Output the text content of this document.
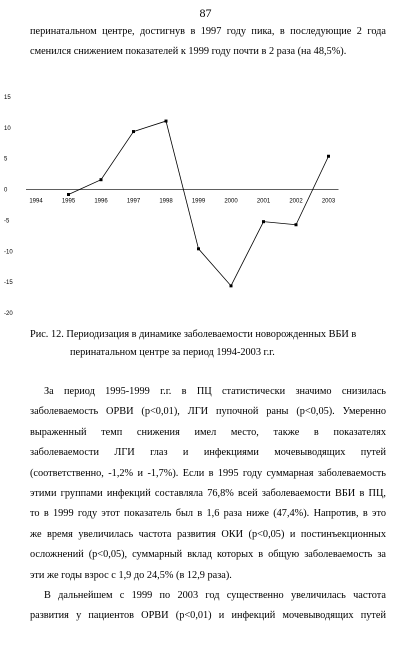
87
перинатальном центре, достигнув в 1997 году пика, в последующие 2 года
сменился снижением показателей к 1999 году почти в 2 раза (на 48,5%).
15
10
5
0
-5
-10
-15
-20
1994	1995	1996	1997	1998	1999	2000	2001	2002	2003
Рис. 12. Периодизация в динамике заболеваемости новорожденных ВБИ в
перинатальном центре за период 1994-2003 г.г.
За период 1995-1999 г.г. в ПЦ статистически значимо снизилась
заболеваемость ОРВИ (р<0,01), ЛГИ пупочной раны (р<0,05). Умеренно
выраженный темп снижения имел место, также в показателях
заболеваемости ЛГИ глаз и инфекциями мочевыводящих путей
(соответственно, -1,2% и -1,7%). Если в 1995 году суммарная заболеваемость
этими группами инфекций составляла 76,8% всей заболеваемости ВБИ в ПЦ,
то в 1999 году этот показатель был в 1,6 раза ниже (47,4%). Напротив, в это
же время увеличилась частота развития ОКИ (р<0,05) и постинъекционных
осложнений (р<0,05), суммарный вклад которых в общую заболеваемость за
эти же годы взрос с 1,9 до 24,5% (в 12,9 раза).
В дальнейшем с 1999 по 2003 год существенно увеличилась частота
развития у пациентов ОРВИ (р<0,01) и инфекций мочевыводящих путей
